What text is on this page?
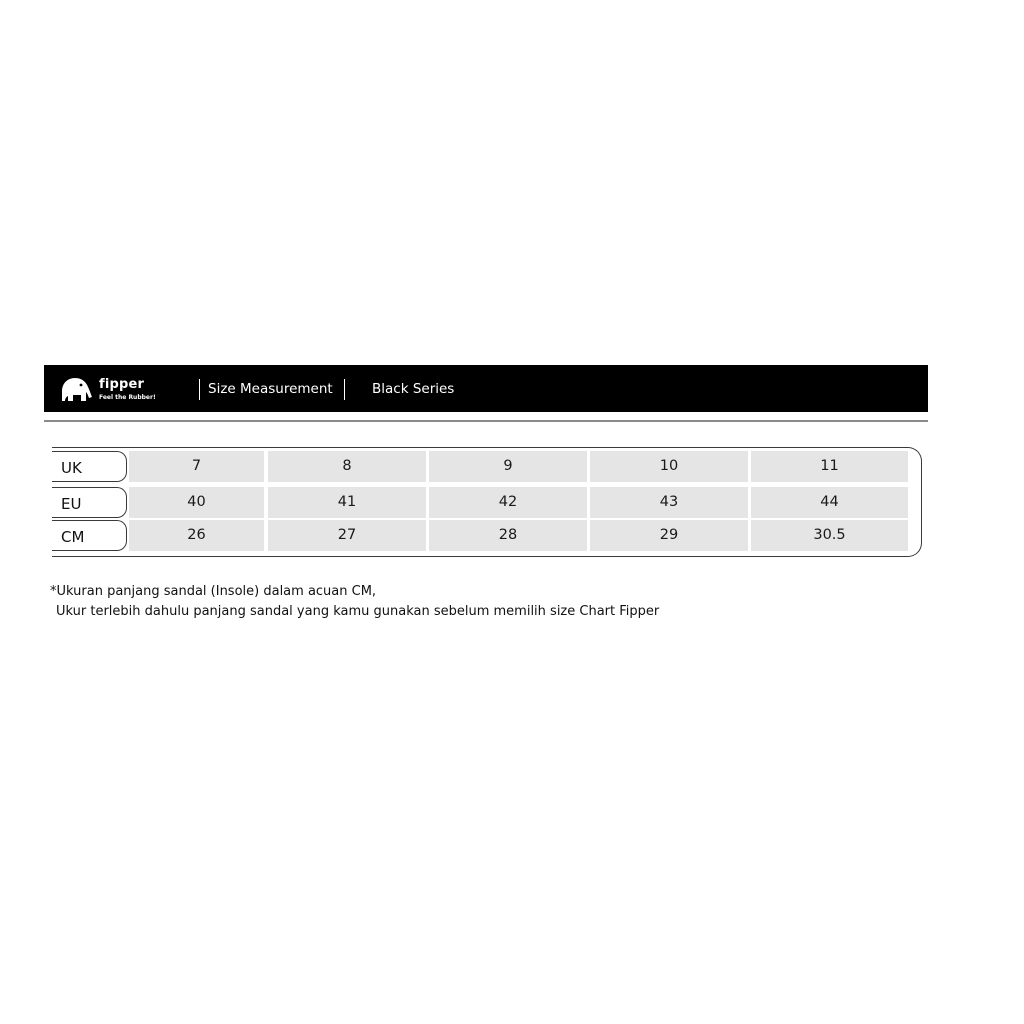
fipper
Feel the Rubber!
Size Measurement	Black Series
UK	7	8	9	10	11
EU	40	41	42	43	44
CM	26	27	28	29	30.5
*Ukuran panjang sandal (Insole) dalam acuan CM,
Ukur terlebih dahulu panjang sandal yang kamu gunakan sebelum memilih size Chart Fipper
